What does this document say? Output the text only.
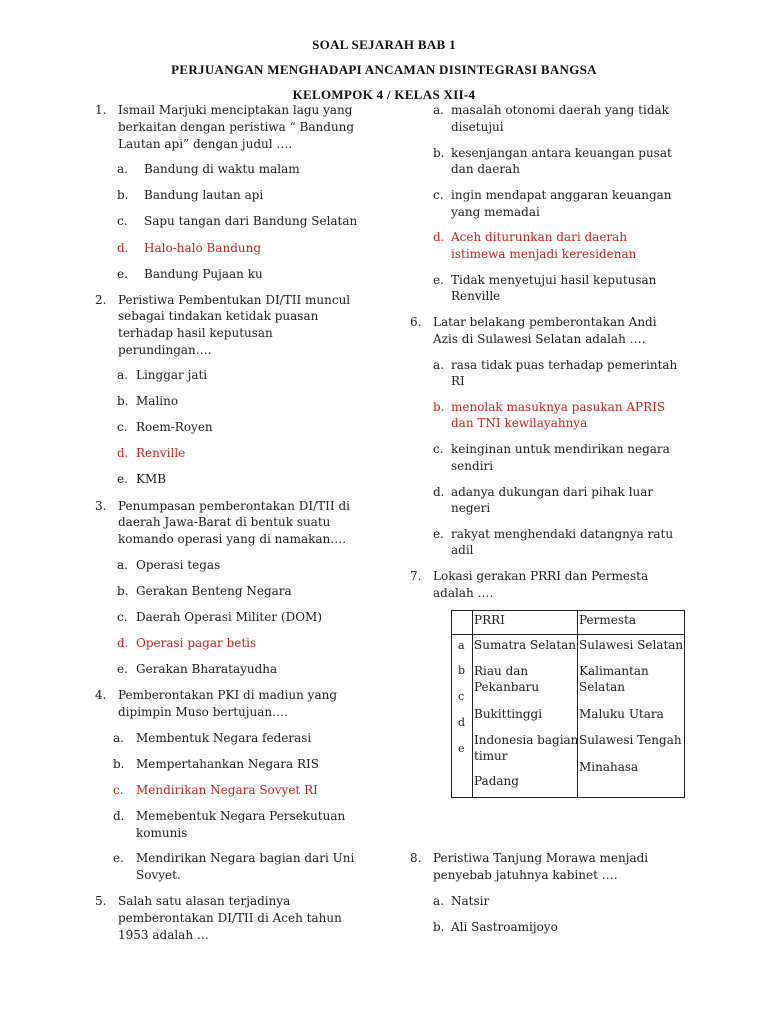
SOAL SEJARAH BAB 1
PERJUANGAN MENGHADAPI ANCAMAN DISINTEGRASI BANGSA
KELOMPOK 4 / KELAS XII-4
1. Ismail Marjuki menciptakan lagu yang
berkaitan dengan peristiwa “ Bandung
Lautan api” dengan judul ….
a. Bandung di waktu malam
b. Bandung lautan api
c. Sapu tangan dari Bandung Selatan
d. Halo-halo Bandung
e. Bandung Pujaan ku
2. Peristiwa Pembentukan DI/TII muncul
sebagai tindakan ketidak puasan
terhadap hasil keputusan
perundingan….
a. Linggar jati
b. Malino
c. Roem-Royen
d. Renville
e. KMB
3. Penumpasan pemberontakan DI/TII di
daerah Jawa-Barat di bentuk suatu
komando operasi yang di namakan….
a. Operasi tegas
b. Gerakan Benteng Negara
c. Daerah Operasi Militer (DOM)
d. Operasi pagar betis
e. Gerakan Bharatayudha
4. Pemberontakan PKI di madiun yang
dipimpin Muso bertujuan….
a. Membentuk Negara federasi
b. Mempertahankan Negara RIS
c. Mendirikan Negara Sovyet RI
d. Memebentuk Negara Persekutuan
komunis
e. Mendirikan Negara bagian dari Uni
Sovyet.
5. Salah satu alasan terjadinya
pemberontakan DI/TII di Aceh tahun
1953 adalah …
a. masalah otonomi daerah yang tidak
disetujui
b. kesenjangan antara keuangan pusat
dan daerah
c. ingin mendapat anggaran keuangan
yang memadai
d. Aceh diturunkan dari daerah
istimewa menjadi keresidenan
e. Tidak menyetujui hasil keputusan
Renville
6. Latar belakang pemberontakan Andi
Azis di Sulawesi Selatan adalah ….
a. rasa tidak puas terhadap pemerintah
RI
b. menolak masuknya pasukan APRIS
dan TNI kewilayahnya
c. keinginan untuk mendirikan negara
sendiri
d. adanya dukungan dari pihak luar
negeri
e. rakyat menghendaki datangnya ratu
adil
7. Lokasi gerakan PRRI dan Permesta
adalah ….
PRRI	Permesta
a
b
c
d
e
Sumatra Selatan Sulawesi Selatan
Riau dan
Pekanbaru
Kalimantan
Selatan
Bukittinggi	Maluku Utara
Indonesia bagian
timur
Sulawesi Tengah
Padang
Minahasa
8. Peristiwa Tanjung Morawa menjadi
penyebab jatuhnya kabinet ….
a. Natsir
b. Ali Sastroamijoyo
